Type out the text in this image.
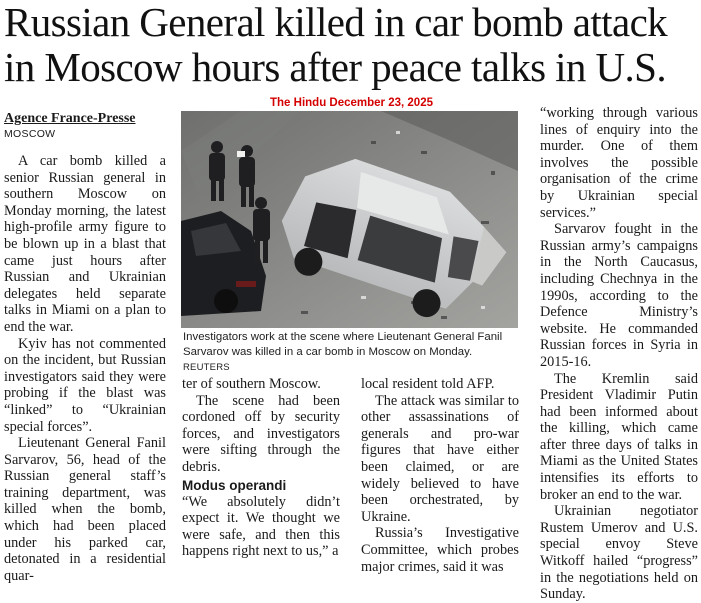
Russian General killed in car bomb attack in Moscow hours after peace talks in U.S.
The Hindu December 23, 2025
Agence France-Presse
MOSCOW

A car bomb killed a senior Russian general in southern Moscow on Monday morning, the latest high-profile army figure to be blown up in a blast that came just hours after Russian and Ukrainian delegates held separate talks in Miami on a plan to end the war.

Kyiv has not commented on the incident, but Russian investigators said they were probing if the blast was “linked” to “Ukrainian special forces”.

Lieutenant General Fanil Sarvarov, 56, head of the Russian general staff’s training department, was killed when the bomb, which had been placed under his parked car, detonated in a residential quar-

Investigators work at the scene where Lieutenant General Fanil Sarvarov was killed in a car bomb in Moscow on Monday. REUTERS

ter of southern Moscow.

The scene had been cordoned off by security forces, and investigators were sifting through the debris.

Modus operandi

“We absolutely didn’t expect it. We thought we were safe, and then this happens right next to us,” a

local resident told AFP.

The attack was similar to other assassinations of generals and pro-war figures that have either been claimed, or are widely believed to have been orchestrated, by Ukraine.

Russia’s Investigative Committee, which probes major crimes, said it was

“working through various lines of enquiry into the murder. One of them involves the possible organisation of the crime by Ukrainian special services.”

Sarvarov fought in the Russian army’s campaigns in the North Caucasus, including Chechnya in the 1990s, according to the Defence Ministry’s website. He commanded Russian forces in Syria in 2015-16.

The Kremlin said President Vladimir Putin had been informed about the killing, which came after three days of talks in Miami as the United States intensifies its efforts to broker an end to the war.

Ukrainian negotiator Rustem Umerov and U.S. special envoy Steve Witkoff hailed “progress” in the negotiations held on Sunday.
